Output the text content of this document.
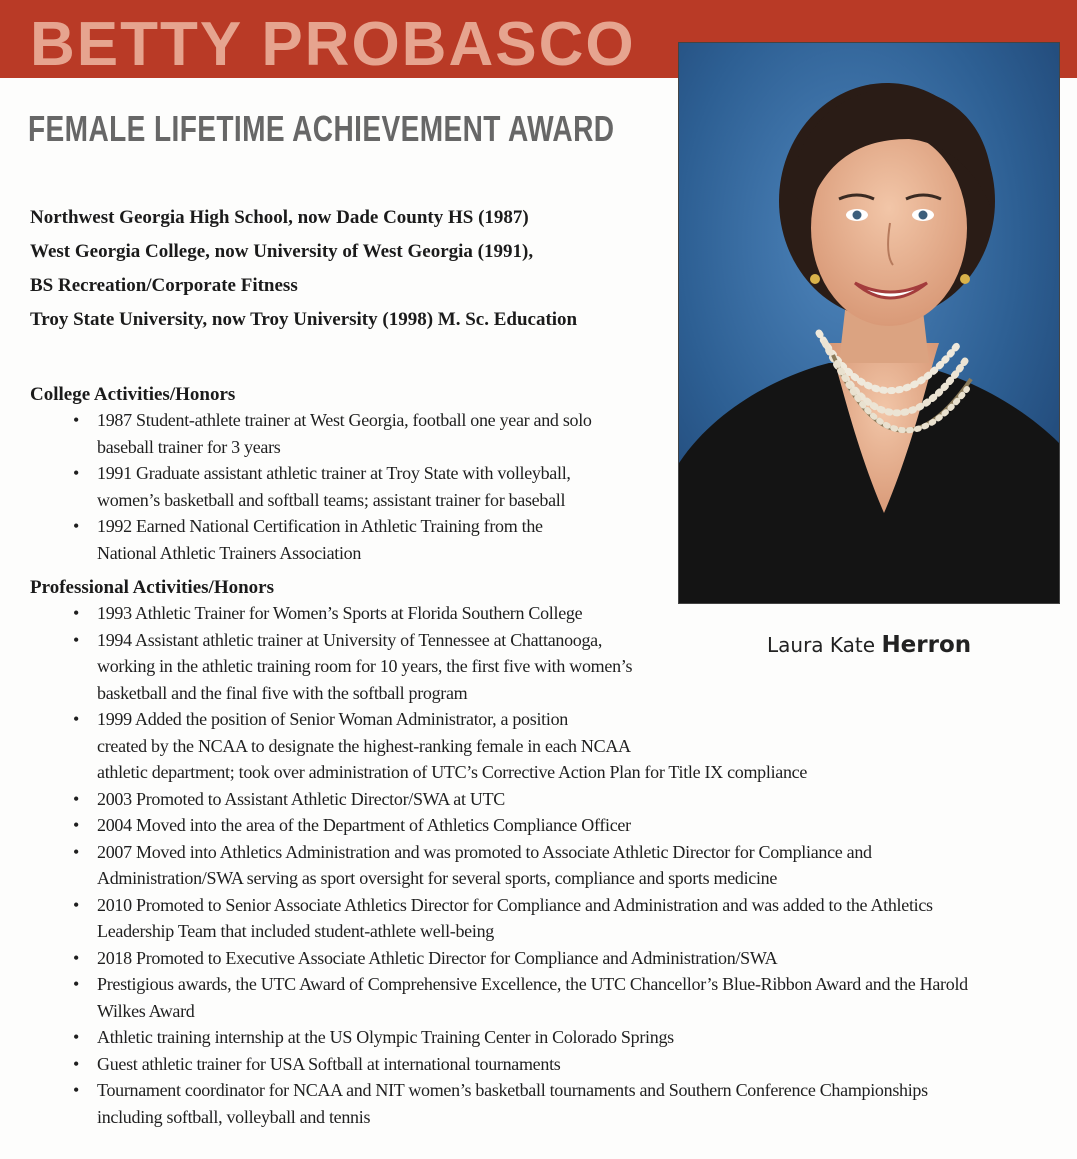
BETTY PROBASCO
FEMALE LIFETIME ACHIEVEMENT AWARD
Laura Kate Herron
Northwest Georgia High School, now Dade County HS (1987)
West Georgia College, now University of West Georgia (1991),
BS Recreation/Corporate Fitness
Troy State University, now Troy University (1998) M. Sc. Education
College Activities/Honors
• 1987 Student-athlete trainer at West Georgia, football one year and solo
baseball trainer for 3 years
• 1991 Graduate assistant athletic trainer at Troy State with volleyball,
women’s basketball and softball teams; assistant trainer for baseball
• 1992 Earned National Certification in Athletic Training from the
National Athletic Trainers Association
Professional Activities/Honors
• 1993 Athletic Trainer for Women’s Sports at Florida Southern College
• 1994 Assistant athletic trainer at University of Tennessee at Chattanooga,
working in the athletic training room for 10 years, the first five with women’s
basketball and the final five with the softball program
• 1999 Added the position of Senior Woman Administrator, a position
created by the NCAA to designate the highest-ranking female in each NCAA
athletic department; took over administration of UTC’s Corrective Action Plan for Title IX compliance
• 2003 Promoted to Assistant Athletic Director/SWA at UTC
• 2004 Moved into the area of the Department of Athletics Compliance Officer
• 2007 Moved into Athletics Administration and was promoted to Associate Athletic Director for Compliance and
Administration/SWA serving as sport oversight for several sports, compliance and sports medicine
• 2010 Promoted to Senior Associate Athletics Director for Compliance and Administration and was added to the Athletics
Leadership Team that included student-athlete well-being
• 2018 Promoted to Executive Associate Athletic Director for Compliance and Administration/SWA
• Prestigious awards, the UTC Award of Comprehensive Excellence, the UTC Chancellor’s Blue-Ribbon Award and the Harold
Wilkes Award
• Athletic training internship at the US Olympic Training Center in Colorado Springs
• Guest athletic trainer for USA Softball at international tournaments
• Tournament coordinator for NCAA and NIT women’s basketball tournaments and Southern Conference Championships
including softball, volleyball and tennis
